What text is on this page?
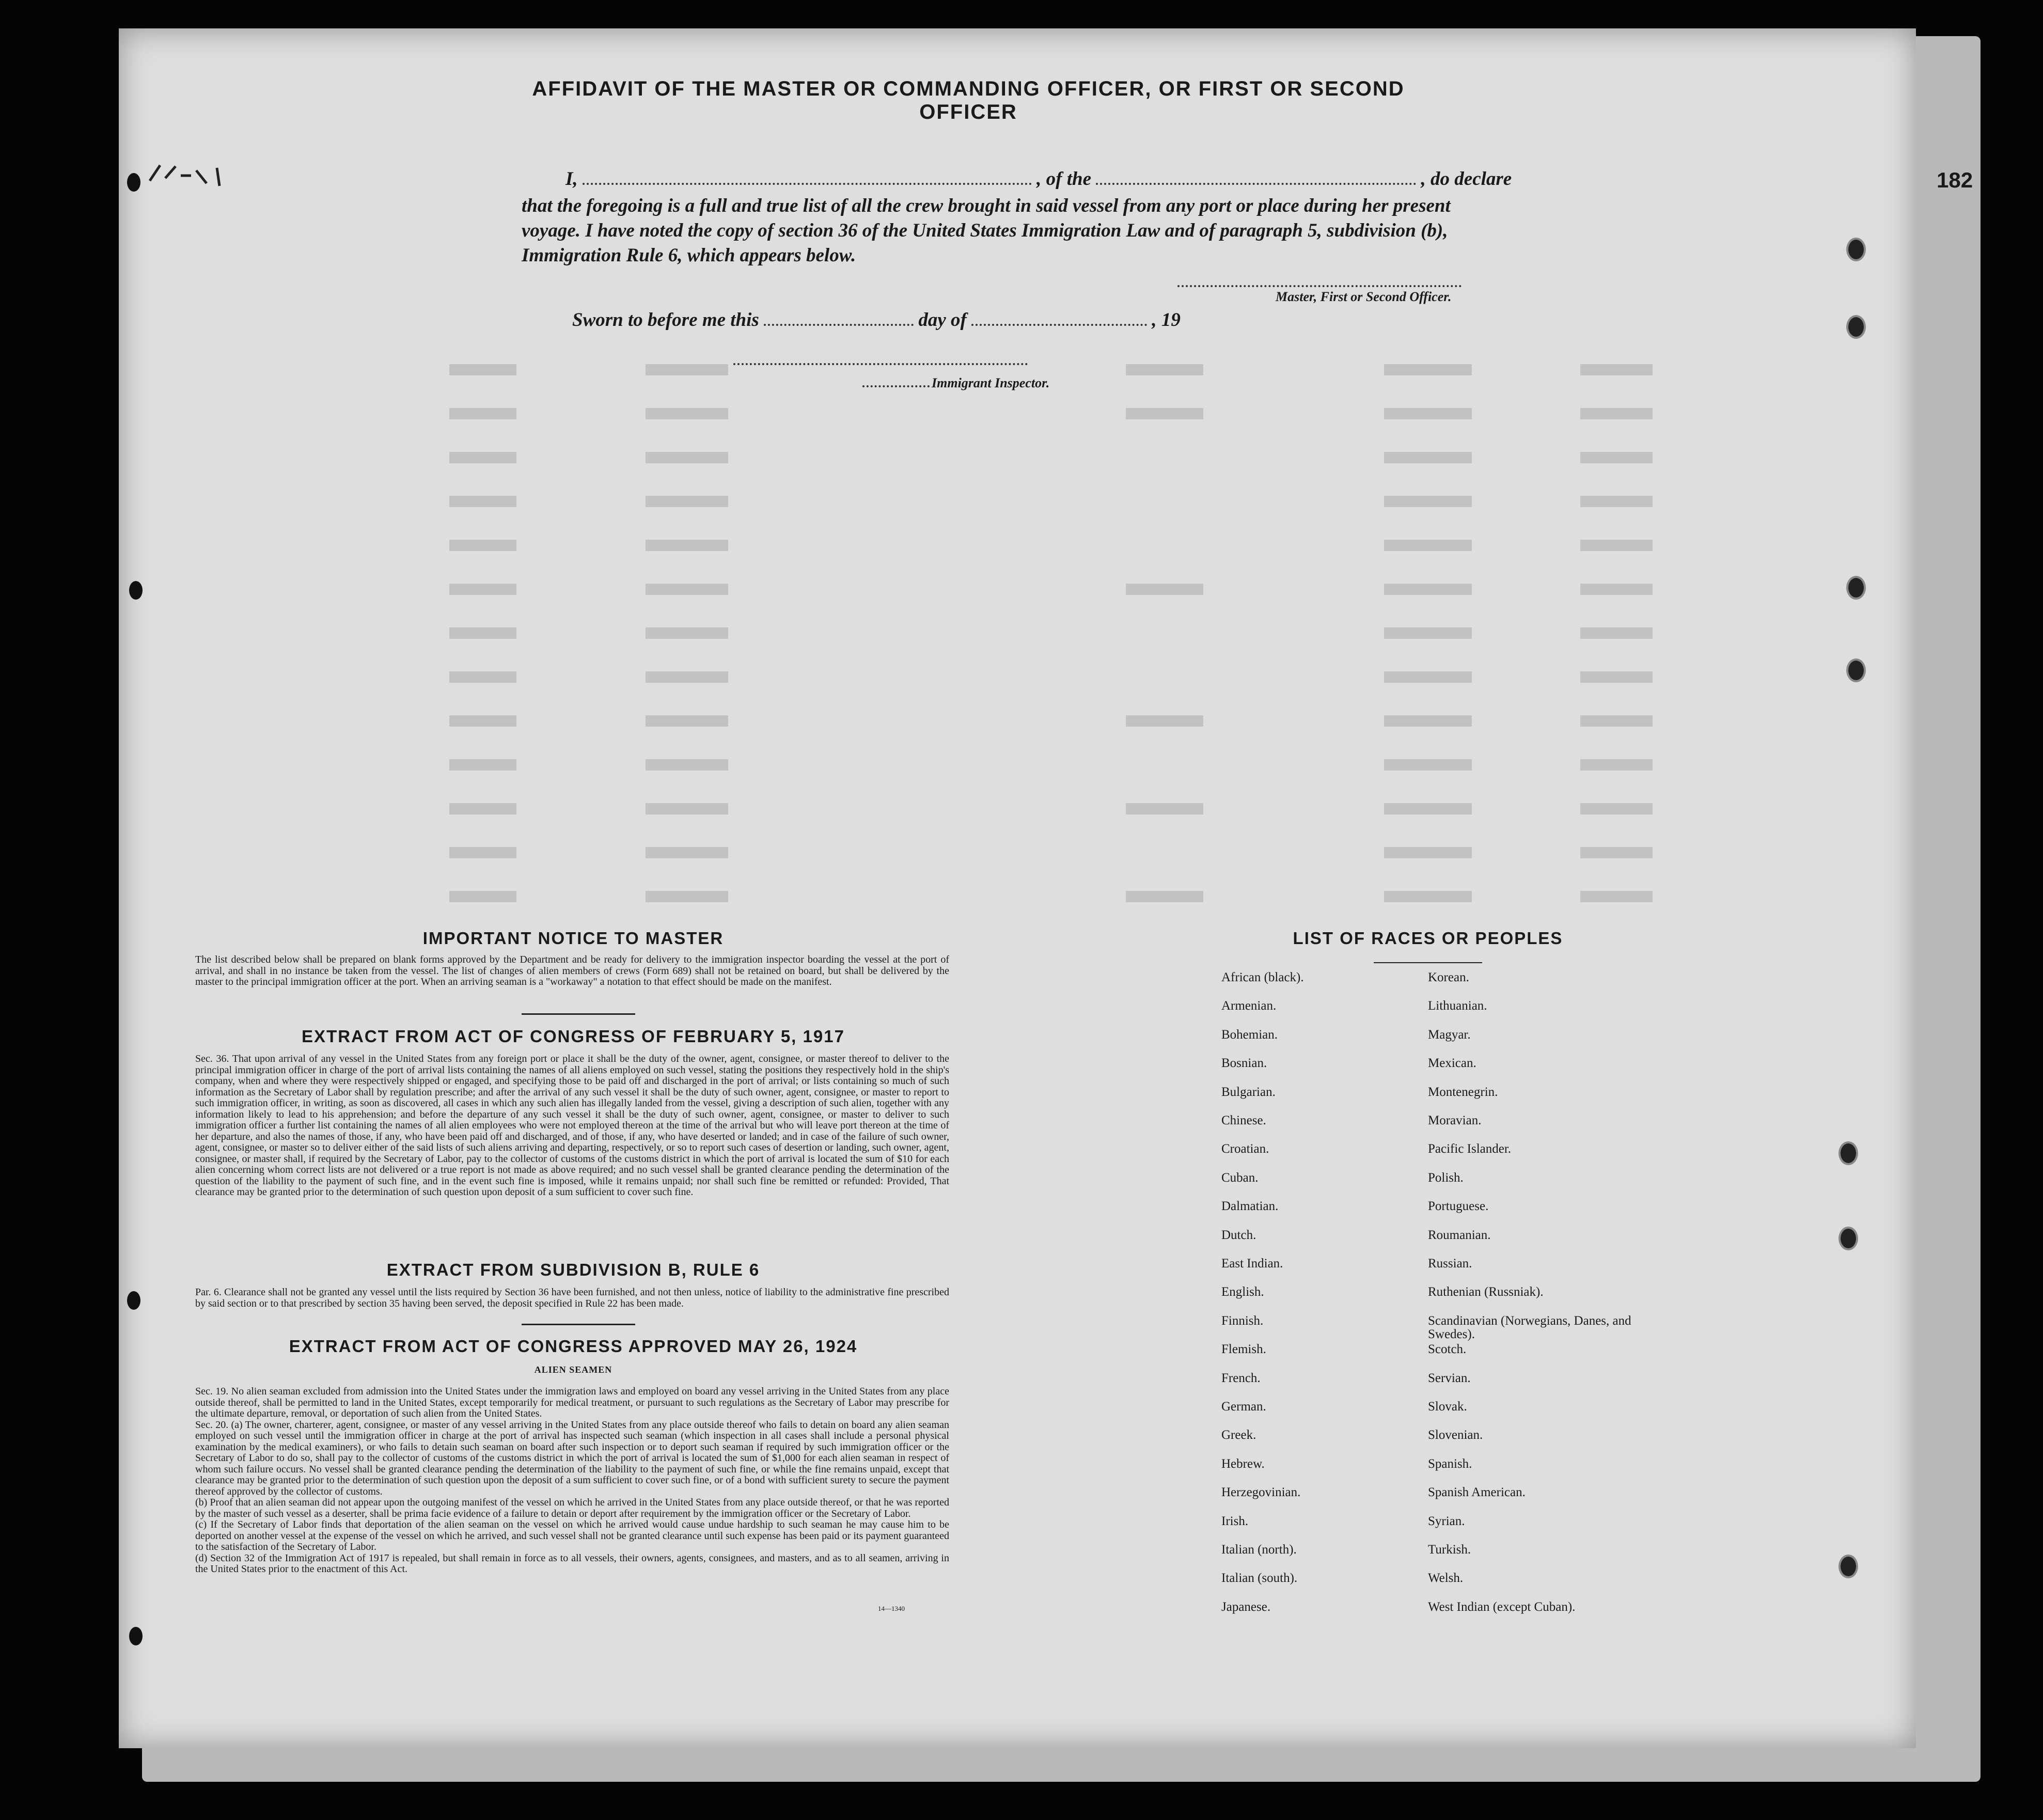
AFFIDAVIT OF THE MASTER OR COMMANDING OFFICER, OR FIRST OR SECOND OFFICER
I,	, of the	, do declare
that the foregoing is a full and true list of all the crew brought in said vessel from any port or place during her present
voyage. I have noted the copy of section 36 of the United States Immigration Law and of paragraph 5, subdivision (b),
Immigration Rule 6, which appears below.
Master, First or Second Officer.
Sworn to before me this	day of	, 19
Immigrant Inspector.
182
IMPORTANT NOTICE TO MASTER
The list described below shall be prepared on blank forms approved by the Department and be ready for delivery to the immigration inspector boarding the vessel at the port of arrival, and shall in no instance be taken from the vessel. The list of changes of alien members of crews (Form 689) shall not be retained on board, but shall be delivered by the master to the principal immigration officer at the port. When an arriving seaman is a "workaway" a notation to that effect should be made on the manifest.
EXTRACT FROM ACT OF CONGRESS OF FEBRUARY 5, 1917
Sec. 36. That upon arrival of any vessel in the United States from any foreign port or place it shall be the duty of the owner, agent, consignee, or master thereof to deliver to the principal immigration officer in charge of the port of arrival lists containing the names of all aliens employed on such vessel, stating the positions they respectively hold in the ship's company, when and where they were respectively shipped or engaged, and specifying those to be paid off and discharged in the port of arrival; or lists containing so much of such information as the Secretary of Labor shall by regulation prescribe; and after the arrival of any such vessel it shall be the duty of such owner, agent, consignee, or master to report to such immigration officer, in writing, as soon as discovered, all cases in which any such alien has illegally landed from the vessel, giving a description of such alien, together with any information likely to lead to his apprehension; and before the departure of any such vessel it shall be the duty of such owner, agent, consignee, or master to deliver to such immigration officer a further list containing the names of all alien employees who were not employed thereon at the time of the arrival but who will leave port thereon at the time of her departure, and also the names of those, if any, who have been paid off and discharged, and of those, if any, who have deserted or landed; and in case of the failure of such owner, agent, consignee, or master so to deliver either of the said lists of such aliens arriving and departing, respectively, or so to report such cases of desertion or landing, such owner, agent, consignee, or master shall, if required by the Secretary of Labor, pay to the collector of customs of the customs district in which the port of arrival is located the sum of $10 for each alien concerning whom correct lists are not delivered or a true report is not made as above required; and no such vessel shall be granted clearance pending the determination of the question of the liability to the payment of such fine, and in the event such fine is imposed, while it remains unpaid; nor shall such fine be remitted or refunded: Provided, That clearance may be granted prior to the determination of such question upon deposit of a sum sufficient to cover such fine.
EXTRACT FROM SUBDIVISION B, RULE 6
Par. 6. Clearance shall not be granted any vessel until the lists required by Section 36 have been furnished, and not then unless, notice of liability to the administrative fine prescribed by said section or to that prescribed by section 35 having been served, the deposit specified in Rule 22 has been made.
EXTRACT FROM ACT OF CONGRESS APPROVED MAY 26, 1924
ALIEN SEAMEN
Sec. 19. No alien seaman excluded from admission into the United States under the immigration laws and employed on board any vessel arriving in the United States from any place outside thereof, shall be permitted to land in the United States, except temporarily for medical treatment, or pursuant to such regulations as the Secretary of Labor may prescribe for the ultimate departure, removal, or deportation of such alien from the United States.
Sec. 20. (a) The owner, charterer, agent, consignee, or master of any vessel arriving in the United States from any place outside thereof who fails to detain on board any alien seaman employed on such vessel until the immigration officer in charge at the port of arrival has inspected such seaman (which inspection in all cases shall include a personal physical examination by the medical examiners), or who fails to detain such seaman on board after such inspection or to deport such seaman if required by such immigration officer or the Secretary of Labor to do so, shall pay to the collector of customs of the customs district in which the port of arrival is located the sum of $1,000 for each alien seaman in respect of whom such failure occurs. No vessel shall be granted clearance pending the determination of the liability to the payment of such fine, or while the fine remains unpaid, except that clearance may be granted prior to the determination of such question upon the deposit of a sum sufficient to cover such fine, or of a bond with sufficient surety to secure the payment thereof approved by the collector of customs.
(b) Proof that an alien seaman did not appear upon the outgoing manifest of the vessel on which he arrived in the United States from any place outside thereof, or that he was reported by the master of such vessel as a deserter, shall be prima facie evidence of a failure to detain or deport after requirement by the immigration officer or the Secretary of Labor.
(c) If the Secretary of Labor finds that deportation of the alien seaman on the vessel on which he arrived would cause undue hardship to such seaman he may cause him to be deported on another vessel at the expense of the vessel on which he arrived, and such vessel shall not be granted clearance until such expense has been paid or its payment guaranteed to the satisfaction of the Secretary of Labor.
(d) Section 32 of the Immigration Act of 1917 is repealed, but shall remain in force as to all vessels, their owners, agents, consignees, and masters, and as to all seamen, arriving in the United States prior to the enactment of this Act.
14—1340
LIST OF RACES OR PEOPLES
African (black).
Armenian.
Bohemian.
Bosnian.
Bulgarian.
Chinese.
Croatian.
Cuban.
Dalmatian.
Dutch.
East Indian.
English.
Finnish.
Flemish.
French.
German.
Greek.
Hebrew.
Herzegovinian.
Irish.
Italian (north).
Italian (south).
Japanese.
Korean.
Lithuanian.
Magyar.
Mexican.
Montenegrin.
Moravian.
Pacific Islander.
Polish.
Portuguese.
Roumanian.
Russian.
Ruthenian (Russniak).
Scandinavian (Norwegians, Danes, and Swedes).
Scotch.
Servian.
Slovak.
Slovenian.
Spanish.
Spanish American.
Syrian.
Turkish.
Welsh.
West Indian (except Cuban).
